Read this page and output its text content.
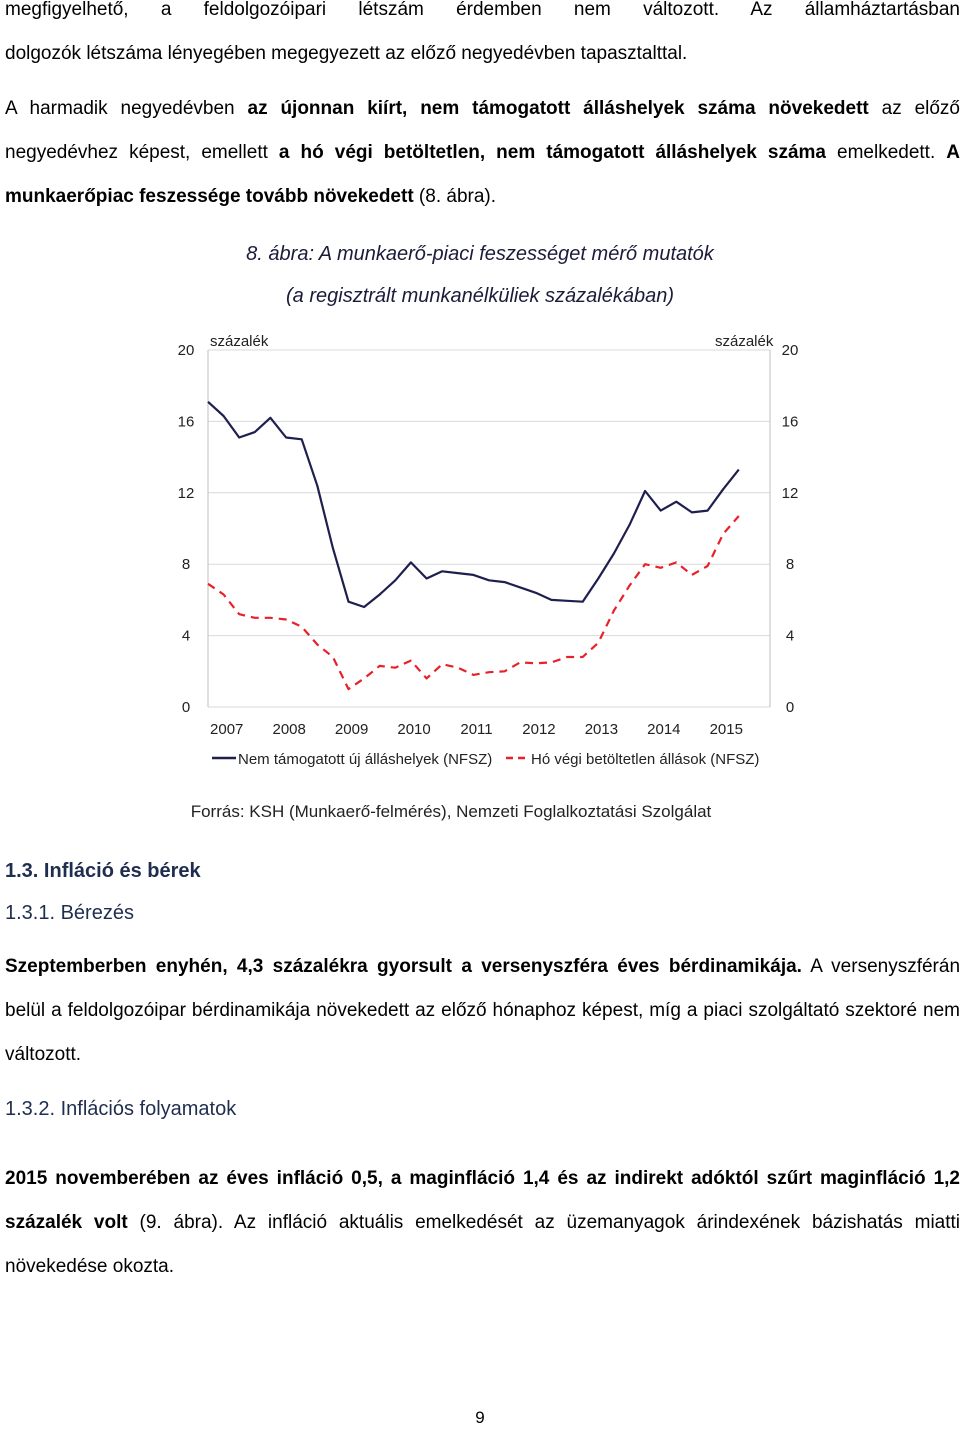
megfigyelhető, a feldolgozóipari létszám érdemben nem változott. Az államháztartásban
dolgozók létszáma lényegében megegyezett az előző negyedévben tapasztalttal.

A harmadik negyedévben az újonnan kiírt, nem támogatott álláshelyek száma növekedett az előző negyedévhez képest, emellett a hó végi betöltetlen, nem támogatott álláshelyek száma emelkedett. A munkaerőpiac feszessége tovább növekedett (8. ábra).

8. ábra: A munkaerő-piaci feszességet mérő mutatók
(a regisztrált munkanélküliek százalékában)
0	0
4	4
8	8
12	12
16	16
20	20
2007 2008 2009 2010 2011 2012 2013 2014 2015
százalék	százalék
Nem támogatott új álláshelyek (NFSZ)	Hó végi betöltetlen állások (NFSZ)
Forrás: KSH (Munkaerő-felmérés), Nemzeti Foglalkoztatási Szolgálat
1.3. Infláció és bérek
1.3.1. Bérezés

Szeptemberben enyhén, 4,3 százalékra gyorsult a versenyszféra éves bérdinamikája. A versenyszférán belül a feldolgozóipar bérdinamikája növekedett az előző hónaphoz képest, míg a piaci szolgáltató szektoré nem változott.

1.3.2. Inflációs folyamatok

2015 novemberében az éves infláció 0,5, a maginfláció 1,4 és az indirekt adóktól szűrt maginfláció 1,2 százalék volt (9. ábra). Az infláció aktuális emelkedését az üzemanyagok árindexének bázishatás miatti növekedése okozta.

9
